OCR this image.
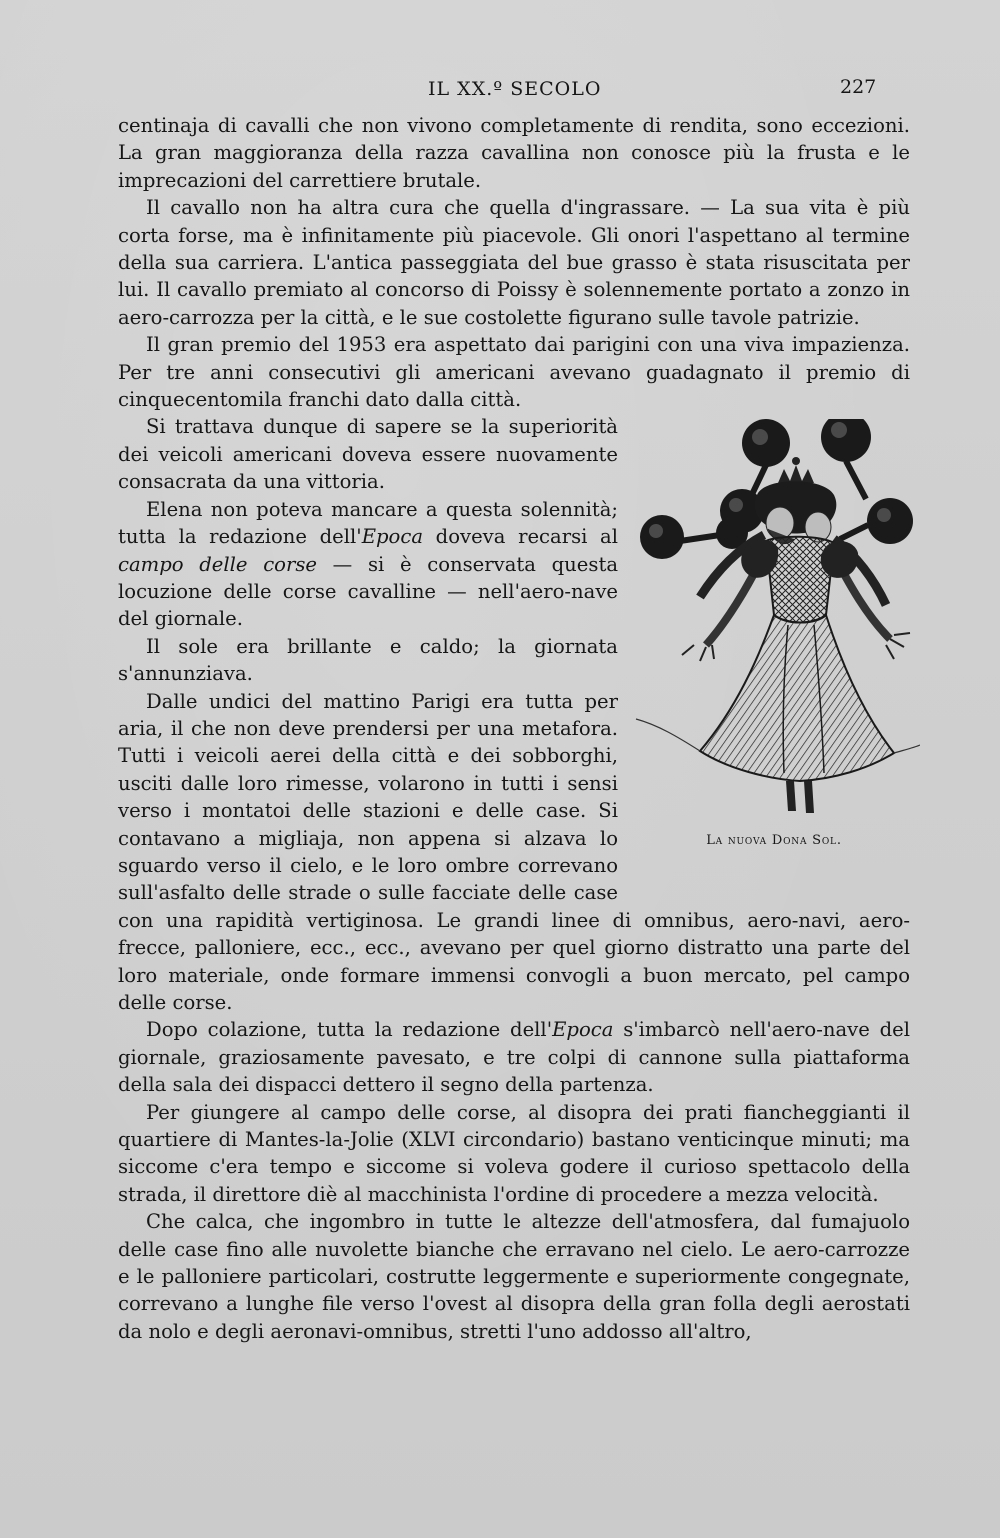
IL XX.º SECOLO	227

centinaja di cavalli che non vivono completamente di rendita, sono eccezioni. La gran maggioranza della razza cavallina non conosce più la frusta e le imprecazioni del carrettiere brutale.

Il cavallo non ha altra cura che quella d'ingrassare. — La sua vita è più corta forse, ma è infinitamente più piacevole. Gli onori l'aspettano al termine della sua carriera. L'antica passeggiata del bue grasso è stata risuscitata per lui. Il cavallo premiato al concorso di Poissy è solennemente portato a zonzo in aero-carrozza per la città, e le sue costolette figurano sulle tavole patrizie.

Il gran premio del 1953 era aspettato dai parigini con una viva impazienza. Per tre anni consecutivi gli americani avevano guadagnato il premio di cinquecentomila franchi dato dalla città.

La nuova Dona Sol.

Si trattava dunque di sapere se la superiorità dei veicoli americani doveva essere nuovamente consacrata da una vittoria.

Elena non poteva mancare a questa solennità; tutta la redazione dell'Epoca doveva recarsi al campo delle corse — si è conservata questa locuzione delle corse cavalline — nell'aero-nave del giornale.

Il sole era brillante e caldo; la giornata s'annunziava.

Dalle undici del mattino Parigi era tutta per aria, il che non deve prendersi per una metafora. Tutti i veicoli aerei della città e dei sobborghi, usciti dalle loro rimesse, volarono in tutti i sensi verso i montatoi delle stazioni e delle case. Si contavano a migliaja, non appena si alzava lo sguardo verso il cielo, e le loro ombre correvano sull'asfalto delle strade o sulle facciate delle case con una rapidità vertiginosa. Le grandi linee di omnibus, aero-navi, aero-frecce, palloniere, ecc., ecc., avevano per quel giorno distratto una parte del loro materiale, onde formare immensi convogli a buon mercato, pel campo delle corse.

Dopo colazione, tutta la redazione dell'Epoca s'imbarcò nell'aero-nave del giornale, graziosamente pavesato, e tre colpi di cannone sulla piattaforma della sala dei dispacci dettero il segno della partenza.

Per giungere al campo delle corse, al disopra dei prati fiancheggianti il quartiere di Mantes-la-Jolie (XLVI circondario) bastano venticinque minuti; ma siccome c'era tempo e siccome si voleva godere il curioso spettacolo della strada, il direttore diè al macchinista l'ordine di procedere a mezza velocità.

Che calca, che ingombro in tutte le altezze dell'atmosfera, dal fumajuolo delle case fino alle nuvolette bianche che erravano nel cielo. Le aero-carrozze e le palloniere particolari, costrutte leggermente e superiormente congegnate, correvano a lunghe file verso l'ovest al disopra della gran folla degli aerostati da nolo e degli aeronavi-omnibus, stretti l'uno addosso all'altro,
